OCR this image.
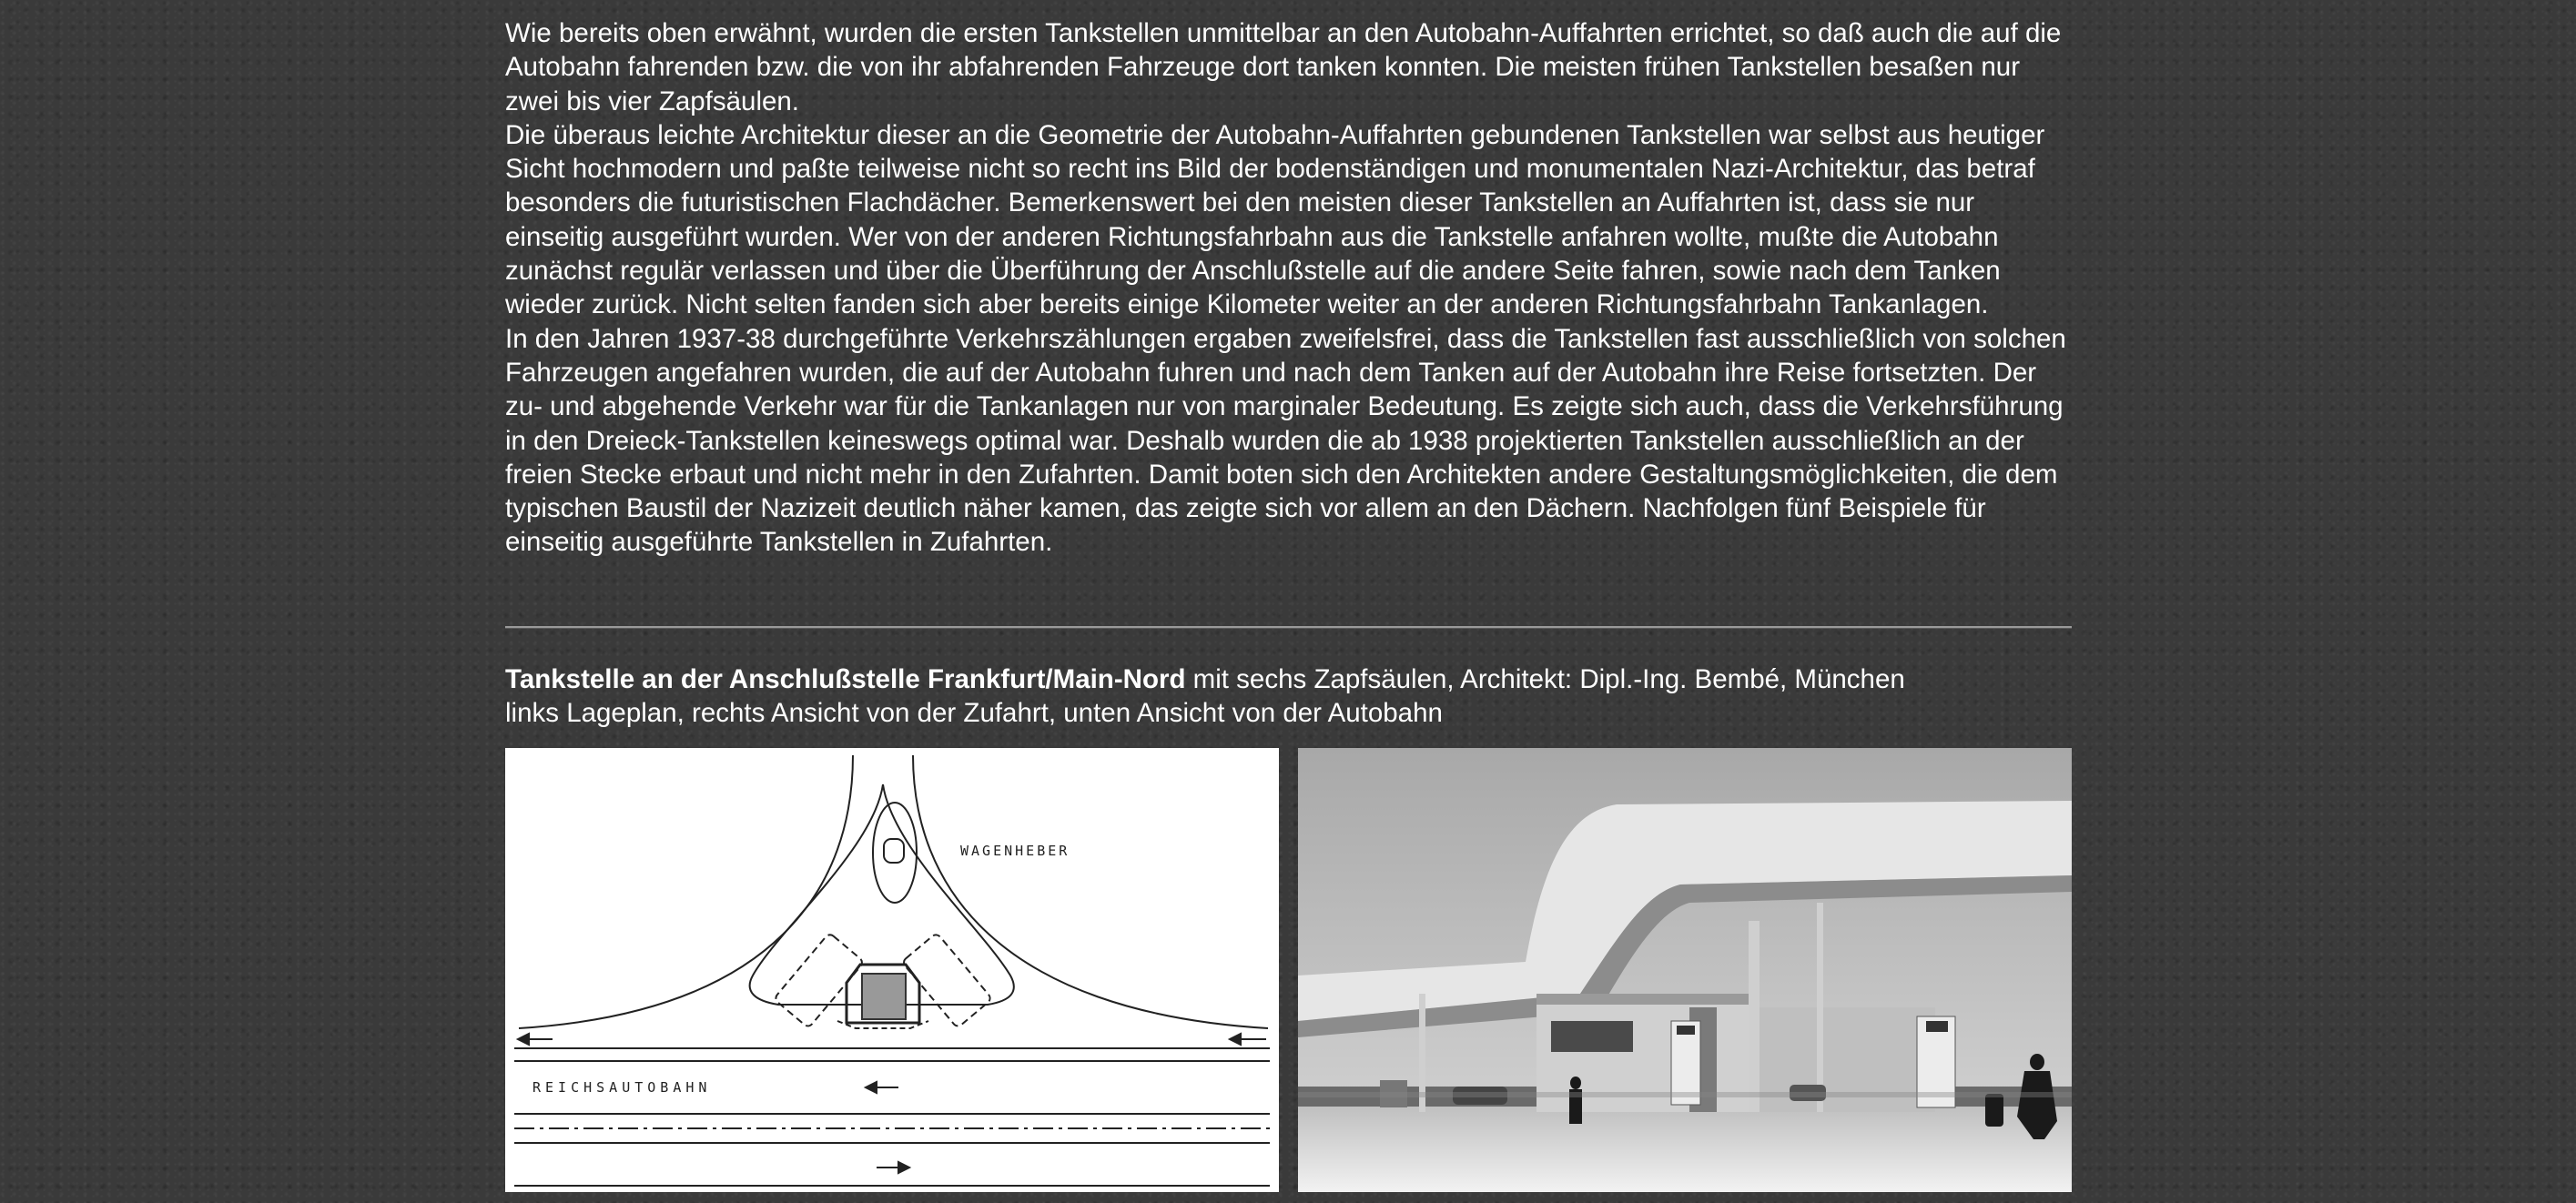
Wie bereits oben erwähnt, wurden die ersten Tankstellen unmittelbar an den Autobahn-Auffahrten errichtet, so daß auch die auf die Autobahn fahrenden bzw. die von ihr abfahrenden Fahrzeuge dort tanken konnten. Die meisten frühen Tankstellen besaßen nur zwei bis vier Zapfsäulen.

Die überaus leichte Architektur dieser an die Geometrie der Autobahn-Auffahrten gebundenen Tankstellen war selbst aus heutiger Sicht hochmodern und paßte teilweise nicht so recht ins Bild der bodenständigen und monumentalen Nazi-Architektur, das betraf besonders die futuristischen Flachdächer. Bemerkenswert bei den meisten dieser Tankstellen an Auffahrten ist, dass sie nur einseitig ausgeführt wurden. Wer von der anderen Richtungsfahrbahn aus die Tankstelle anfahren wollte, mußte die Autobahn zunächst regulär verlassen und über die Überführung der Anschlußstelle auf die andere Seite fahren, sowie nach dem Tanken wieder zurück. Nicht selten fanden sich aber bereits einige Kilometer weiter an der anderen Richtungsfahrbahn Tankanlagen.

In den Jahren 1937-38 durchgeführte Verkehrszählungen ergaben zweifelsfrei, dass die Tankstellen fast ausschließlich von solchen Fahrzeugen angefahren wurden, die auf der Autobahn fuhren und nach dem Tanken auf der Autobahn ihre Reise fortsetzten. Der zu- und abgehende Verkehr war für die Tankanlagen nur von marginaler Bedeutung. Es zeigte sich auch, dass die Verkehrsführung in den Dreieck-Tankstellen keineswegs optimal war. Deshalb wurden die ab 1938 projektierten Tankstellen ausschließlich an der freien Stecke erbaut und nicht mehr in den Zufahrten. Damit boten sich den Architekten andere Gestaltungsmöglichkeiten, die dem typischen Baustil der Nazizeit deutlich näher kamen, das zeigte sich vor allem an den Dächern. Nachfolgen fünf Beispiele für einseitig ausgeführte Tankstellen in Zufahrten.

Tankstelle an der Anschlußstelle Frankfurt/Main-Nord mit sechs Zapfsäulen, Architekt: Dipl.-Ing. Bembé, München
links Lageplan, rechts Ansicht von der Zufahrt, unten Ansicht von der Autobahn
WAGENHEBER
REICHSAUTOBAHN
